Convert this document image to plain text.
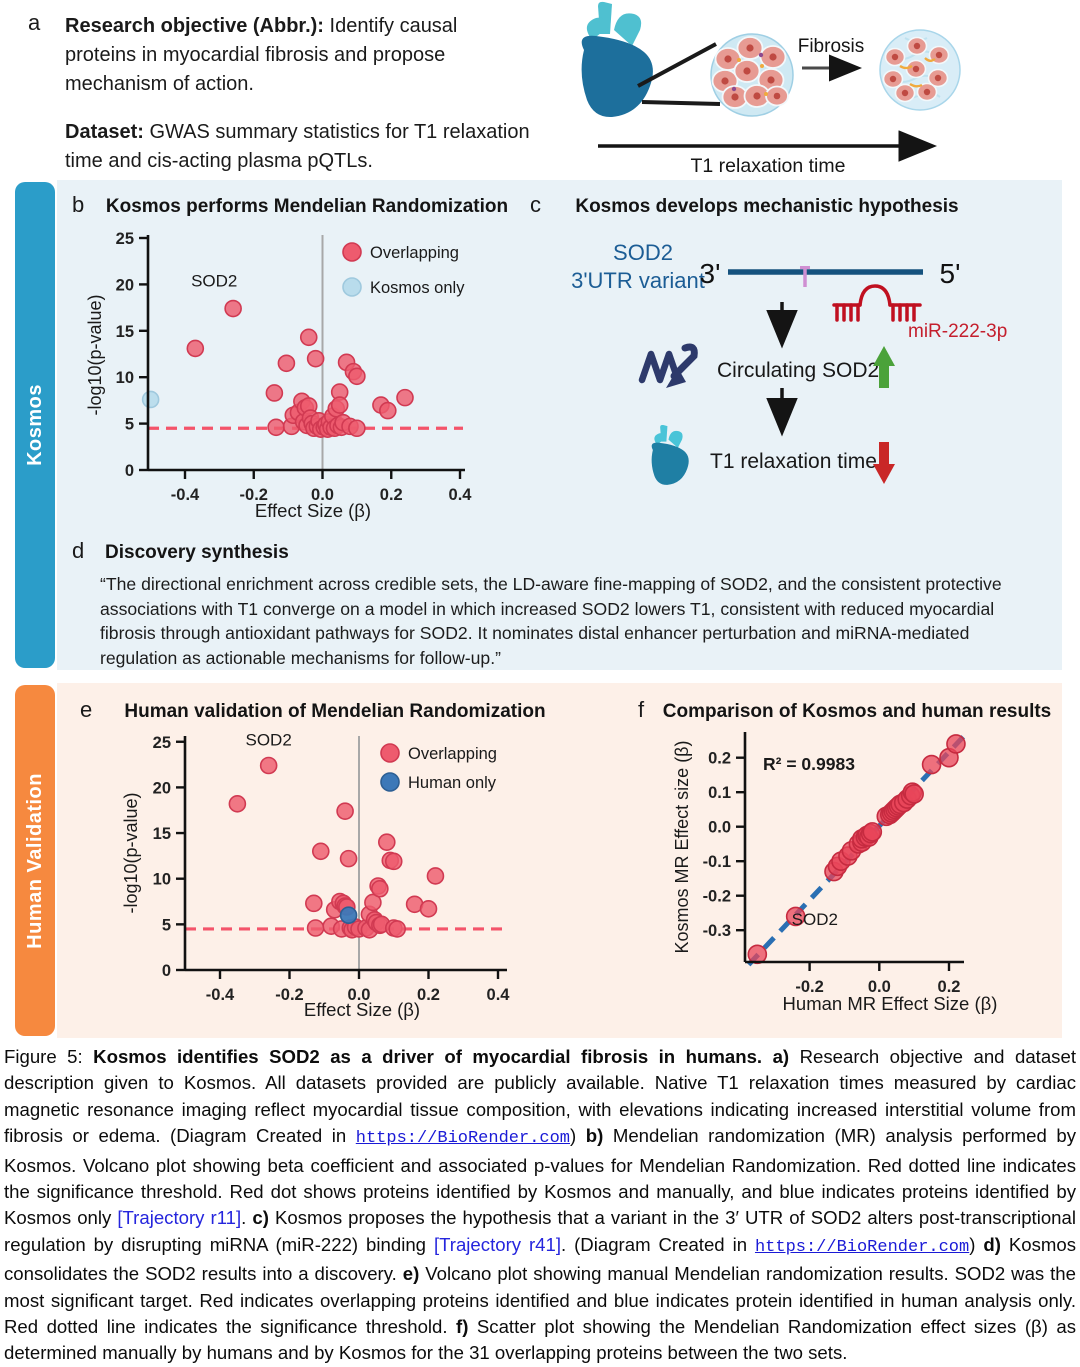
a Research objective (Abbr.): Identify causal proteins in myocardial fibrosis and propose mechanism of action.

Dataset: GWAS summary statistics for T1 relaxation time and cis-acting plasma pQTLs.

Fibrosis
T1 relaxation time
Kosmos
b	Kosmos performs Mendelian Randomization
0
5
10
15
20
25
-0.4 -0.2	0.0	0.2	0.4
Effect Size (β)
-log10(p-value)
Overlapping
Kosmos only
SOD2
c	Kosmos develops mechanistic hypothesis
SOD2
3'UTR variant
3'	5'
miR-222-3p
Circulating SOD2
T1 relaxation time
d Discovery synthesis
“The directional enrichment across credible sets, the LD-aware fine-mapping of SOD2, and the consistent protective associations with T1 converge on a model in which increased SOD2 lowers T1, consistent with reduced myocardial fibrosis through antioxidant pathways for SOD2. It nominates distal enhancer perturbation and miRNA-mediated regulation as actionable mechanisms for follow-up.”
Human Validation
e	Human validation of Mendelian Randomization
0
5
10
15
20
25
-0.4 -0.2	0.0	0.2	0.4
Effect Size (β)
-log10(p-value)
Overlapping
Human only
SOD2
f Comparison of Kosmos and human results
0.2
0.1
0.0
-0.1
-0.2
-0.3
-0.2	0.0	0.2
Human MR Effect Size (β)
Kosmos MR Effect size (β)	SOD2
R² = 0.9983
Figure 5: Kosmos identifies SOD2 as a driver of myocardial fibrosis in humans. a) Research objective and dataset description given to Kosmos. All datasets provided are publicly available. Native T1 relaxation times measured by cardiac magnetic resonance imaging reflect myocardial tissue composition, with elevations indicating increased interstitial volume from fibrosis or edema. (Diagram Created in https://BioRender.com) b) Mendelian randomization (MR) analysis performed by Kosmos. Volcano plot showing beta coefficient and associated p-values for Mendelian Randomization. Red dotted line indicates the significance threshold. Red dot shows proteins identified by Kosmos and manually, and blue indicates proteins identified by Kosmos only [Trajectory r11]. c) Kosmos proposes the hypothesis that a variant in the 3′ UTR of SOD2 alters post-transcriptional regulation by disrupting miRNA (miR-222) binding [Trajectory r41]. (Diagram Created in https://BioRender.com) d) Kosmos consolidates the SOD2 results into a discovery. e) Volcano plot showing manual Mendelian randomization results. SOD2 was the most significant target. Red indicates overlapping proteins identified and blue indicates protein identified in human analysis only. Red dotted line indicates the significance threshold. f) Scatter plot showing the Mendelian Randomization effect sizes (β) as determined manually by humans and by Kosmos for the 31 overlapping proteins between the two sets.
